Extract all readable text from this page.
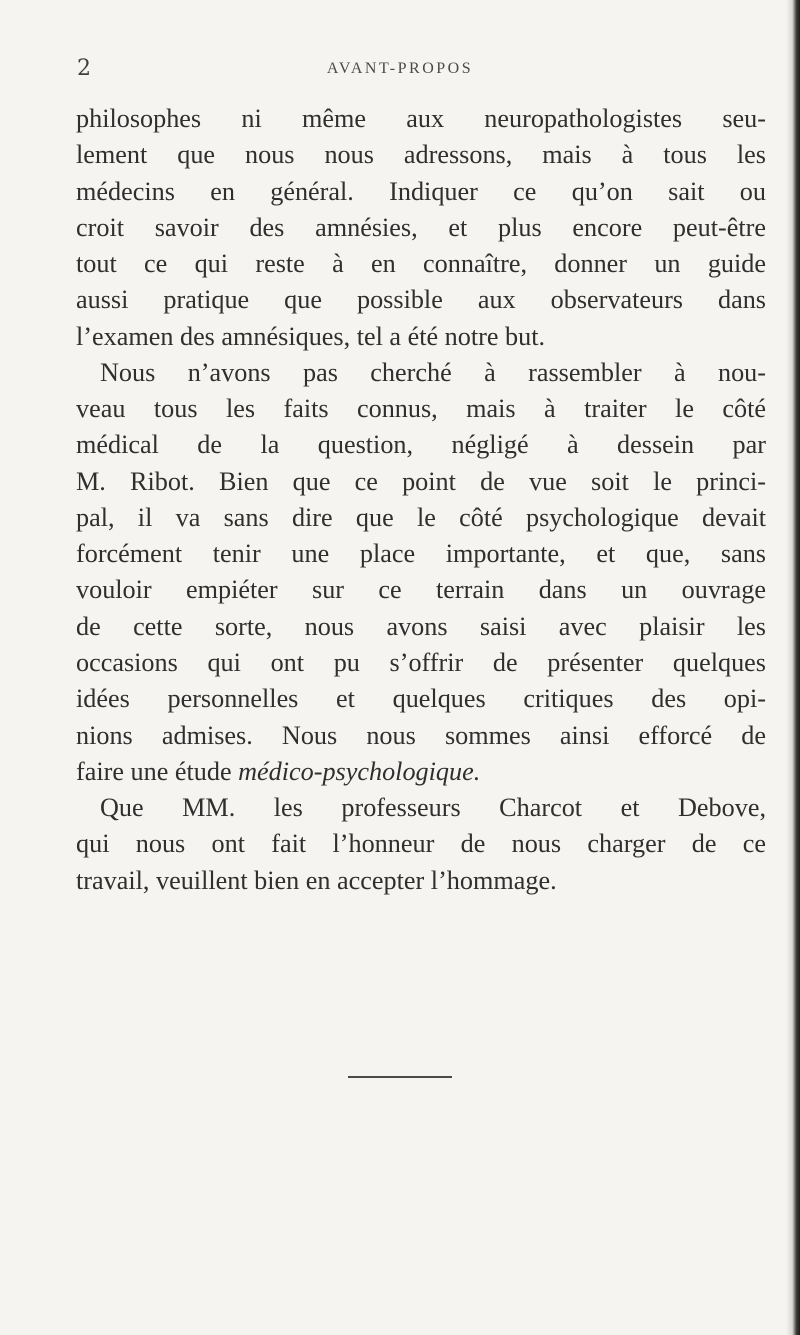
2	AVANT-PROPOS
philosophes ni même aux neuropathologistes seu-
lement que nous nous adressons, mais à tous les
médecins en général. Indiquer ce qu’on sait ou
croit savoir des amnésies, et plus encore peut-être
tout ce qui reste à en connaître, donner un guide
aussi pratique que possible aux observateurs dans
l’examen des amnésiques, tel a été notre but.
Nous n’avons pas cherché à rassembler à nou-
veau tous les faits connus, mais à traiter le côté
médical de la question, négligé à dessein par
M. Ribot. Bien que ce point de vue soit le princi-
pal, il va sans dire que le côté psychologique devait
forcément tenir une place importante, et que, sans
vouloir empiéter sur ce terrain dans un ouvrage
de cette sorte, nous avons saisi avec plaisir les
occasions qui ont pu s’offrir de présenter quelques
idées personnelles et quelques critiques des opi-
nions admises. Nous nous sommes ainsi efforcé de
faire une étude médico-psychologique.
Que MM. les professeurs Charcot et Debove,
qui nous ont fait l’honneur de nous charger de ce
travail, veuillent bien en accepter l’hommage.
